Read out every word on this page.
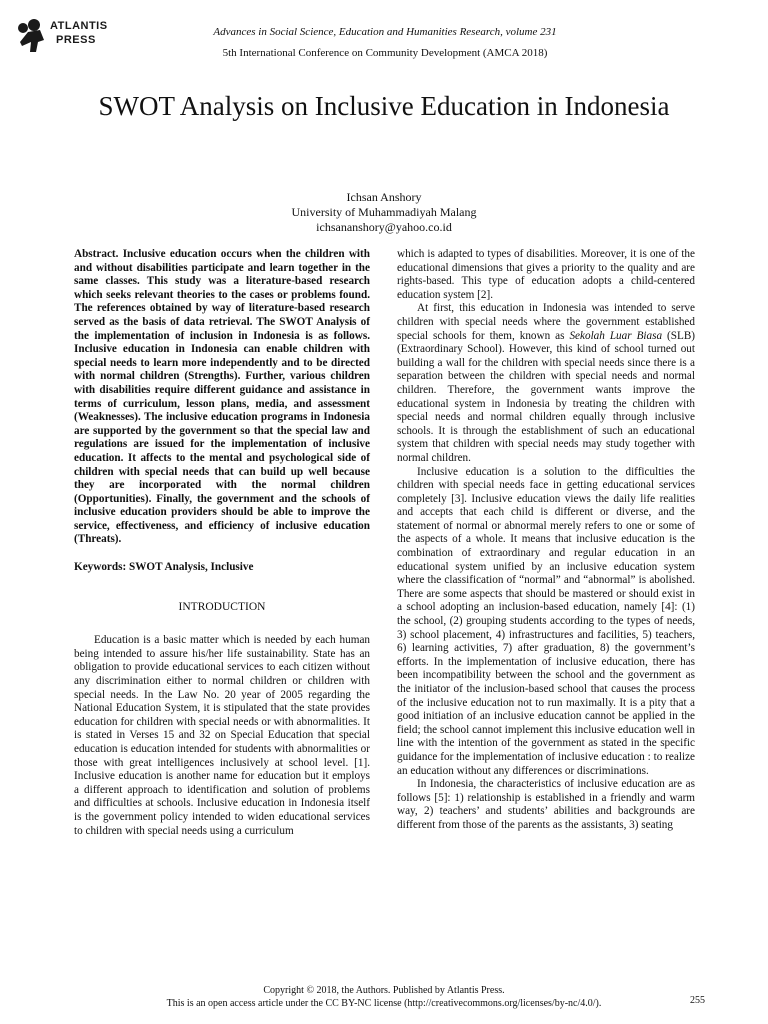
ATLANTIS
PRESS
Advances in Social Science, Education and Humanities Research, volume 231
5th International Conference on Community Development (AMCA 2018)
SWOT Analysis on Inclusive Education in Indonesia
Ichsan Anshory
University of Muhammadiyah Malang
ichsananshory@yahoo.co.id

Abstract. Inclusive education occurs when the children with and without disabilities participate and learn together in the same classes. This study was a literature-based research which seeks relevant theories to the cases or problems found. The references obtained by way of literature-based research served as the basis of data retrieval. The SWOT Analysis of the implementation of inclusion in Indonesia is as follows. Inclusive education in Indonesia can enable children with special needs to learn more independently and to be directed with normal children (Strengths). Further, various children with disabilities require different guidance and assistance in terms of curriculum, lesson plans, media, and assessment (Weaknesses). The inclusive education programs in Indonesia are supported by the government so that the special law and regulations are issued for the implementation of inclusive education. It affects to the mental and psychological side of children with special needs that can build up well because they are incorporated with the normal children (Opportunities). Finally, the government and the schools of inclusive education providers should be able to improve the service, effectiveness, and efficiency of inclusive education (Threats).

Keywords: SWOT Analysis, Inclusive

INTRODUCTION

Education is a basic matter which is needed by each human being intended to assure his/her life sustainability. State has an obligation to provide educational services to each citizen without any discrimination either to normal children or children with special needs. In the Law No. 20 year of 2005 regarding the National Education System, it is stipulated that the state provides education for children with special needs or with abnormalities. It is stated in Verses 15 and 32 on Special Education that special education is education intended for students with abnormalities or those with great intelligences inclusively at school level. [1]. Inclusive education is another name for education but it employs a different approach to identification and solution of problems and difficulties at schools. Inclusive education in Indonesia itself is the government policy intended to widen educational services to children with special needs using a curriculum

which is adapted to types of disabilities. Moreover, it is one of the educational dimensions that gives a priority to the quality and are rights-based. This type of education adopts a child-centered education system [2].

At first, this education in Indonesia was intended to serve children with special needs where the government established special schools for them, known as Sekolah Luar Biasa (SLB) (Extraordinary School). However, this kind of school turned out building a wall for the children with special needs since there is a separation between the children with special needs and normal children. Therefore, the government wants improve the educational system in Indonesia by treating the children with special needs and normal children equally through inclusive schools. It is through the establishment of such an educational system that children with special needs may study together with normal children.

Inclusive education is a solution to the difficulties the children with special needs face in getting educational services completely [3]. Inclusive education views the daily life realities and accepts that each child is different or diverse, and the statement of normal or abnormal merely refers to one or some of the aspects of a whole. It means that inclusive education is the combination of extraordinary and regular education in an educational system unified by an inclusive education system where the classification of “normal” and “abnormal” is abolished. There are some aspects that should be mastered or should exist in a school adopting an inclusion-based education, namely [4]: (1) the school, (2) grouping students according to the types of needs, 3) school placement, 4) infrastructures and facilities, 5) teachers, 6) learning activities, 7) after graduation, 8) the government’s efforts. In the implementation of inclusive education, there has been incompatibility between the school and the government as the initiator of the inclusion-based school that causes the process of the inclusive education not to run maximally. It is a pity that a good initiation of an inclusive education cannot be applied in the field; the school cannot implement this inclusive education well in line with the intention of the government as stated in the specific guidance for the implementation of inclusive education : to realize an education without any differences or discriminations.

In Indonesia, the characteristics of inclusive education are as follows [5]: 1) relationship is established in a friendly and warm way, 2) teachers’ and students’ abilities and backgrounds are different from those of the parents as the assistants, 3) seating

Copyright © 2018, the Authors. Published by Atlantis Press.
This is an open access article under the CC BY-NC license (http://creativecommons.org/licenses/by-nc/4.0/).	255
